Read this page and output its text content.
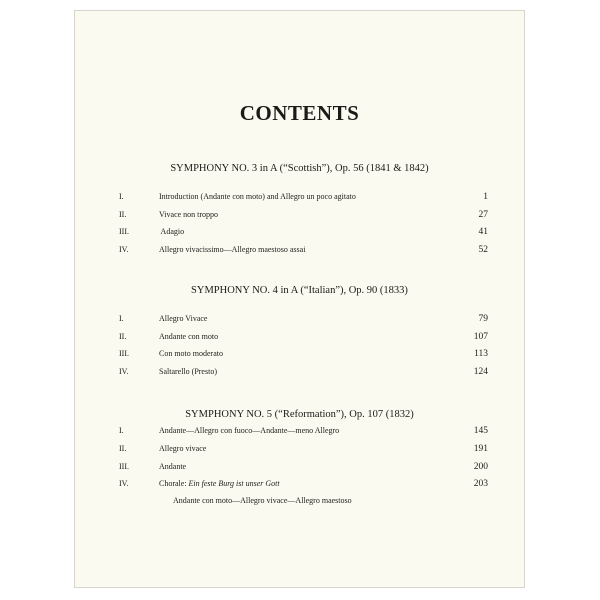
CONTENTS
SYMPHONY NO. 3 in A (“Scottish”), Op. 56 (1841 & 1842)
I.	Introduction (Andante con moto) and Allegro un poco agitato	1
II.	Vivace non troppo	27
III.	Adagio	41
IV.	Allegro vivacissimo—Allegro maestoso assai	52
SYMPHONY NO. 4 in A (“Italian”), Op. 90 (1833)
I.	Allegro Vivace	79
II.	Andante con moto	107
III.	Con moto moderato	113
IV.	Saltarello (Presto)	124
SYMPHONY NO. 5 (“Reformation”), Op. 107 (1832)
I.	Andante—Allegro con fuoco—Andante—meno Allegro	145
II.	Allegro vivace	191
III.	Andante	200
IV.	Chorale: Ein feste Burg ist unser Gott	203
Andante con moto—Allegro vivace—Allegro maestoso
